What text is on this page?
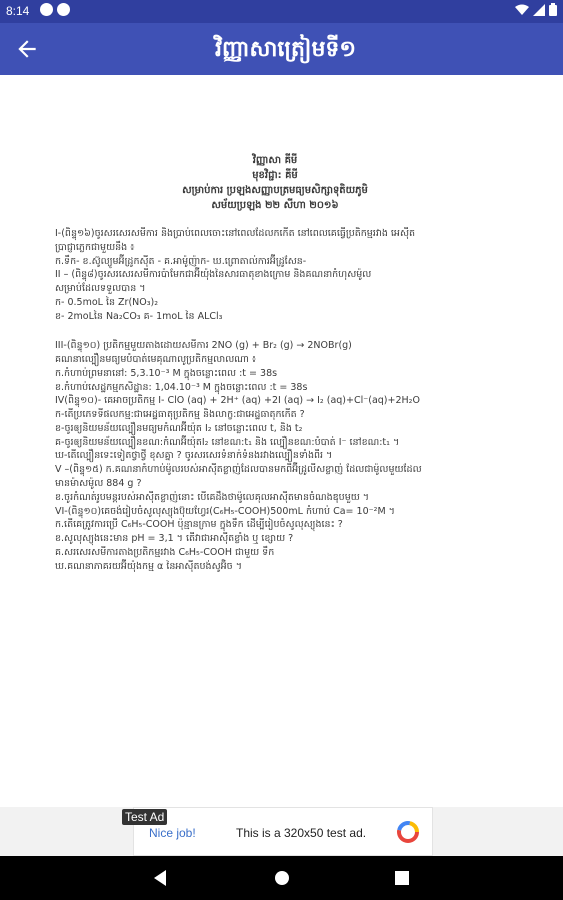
8:14
វិញ្ញាសាត្រៀមទី១
វិញ្ញាសា គីមី
មុខវិជ្ជា: គីមី
សម្រាប់ការ ប្រឡងសញ្ញាបត្រមធ្យមសិក្សាទុតិយភូមិ
សម័យប្រឡង ២២ សីហា ២០១៦

I-(ពិន្ទុ១៦)ចូរសរសេរសមីការ និងប្រាប់ពេលចោះនៅពេលដែលកកើត នៅពេលគេធ្វើប្រតិកម្មរវាង អេស៊ីត

ប្រាជ្ញាភ្លេកជាមួយនឹង ៖

ក.ទឹក- ខ.ស៊ូល្យូមអ៊ីដ្រូកស៊ីត - គ.អាម៉ូញ៉ាក- ឃ.ព្រោតាល់ការអ៊ីដ្រូសែន-

II – (ពិន្ទុ៨)ចូរសរសេរសមីការប៉ាមែកជាអ៊ីយ៉ុងនៃសារធាតុខាងក្រោម និងគណនាកំហុសម៉ូល

សម្រាប់ដែលទទួលបាន ។

ក- 0.5moL នៃ Zr(NO₃)₂

ខ- 2moLនៃ Na₂CO₃ គ- 1moL នៃ ALCl₃

III-(ពិន្ទុ១០) ប្រតិកម្មមួយតាងដោយសមីការ 2NO (g) + Br₂ (g) → 2NOBr(g)

គណនាល្បឿនមធ្យមបំបាត់មេគុណាលូប្រតិកម្មលាលណា ៖

ក.កំហាប់ព្រមនានៅ: 5,3.10⁻³ M ក្នុងចន្លោះពេល :t = 38s

ខ.កំហាប់សេដ្ឋកម្មកសិដ្ឋាន: 1,04.10⁻³ M ក្នុងចន្លោះពេល :t = 38s

IV(ពិន្ទុ១០)- គេអាចប្រតិកម្ម I- ClO (aq) + 2H⁺ (aq) +2I (aq) → I₂ (aq)+Cl⁻(aq)+2H₂O

ក-តើប្រភេទទីផលកម្ម:ជាអេដ្ឋធាតុប្រតិកម្ម និងលាក្ខ:ជាអេដ្ឋធាតុកកើត ?

ខ-ចូរឲ្យនិយមន័យល្បឿនមធ្យមកំណអ៊ីយ៉ុត I₂ នៅចន្លោះពេល t, និង t₂

គ-ចូរឲ្យនិយមន័យល្បឿនខណ:កំណអ៊ីយ៉ុតI₂ នៅខណ:t₁ និង ល្បឿនខណ:បំបាត់ I⁻ នៅខណ:t₁ ។

ឃ-តើល្បឿនទេះទៀតថ្វាថ្វី ខុសគ្នា ? ចូរសរសេរទំនាក់ទំនងរវាងល្បឿនទាំងពីរ ។

V –(ពិន្ទុ១៥) ក.គណនាកំហាប់ម៉ូលរបស់អាស៊ីតខ្លាញ់ដែលបានមកពីអ៊ីដ្រូលីសខ្លាញ់ ដែលជាម៉ូលមួយដែល

មានម៉ាសម៉ូល 884 g ?

ខ.ចូរកំណត់រូបមន្តរបស់អាស៊ីតខ្លាញ់នោះ បើគេដឹងថាម៉ូលេគុលអាសុីតមានចំណងឌុបមួយ ។

VI-(ពិន្ទុ១០)គេចង់រៀបចំសូលុស្យុងប៊ុយហ្វែរ(C₆H₅-COOH)500mL កំហាប់ Ca= 10⁻²M ។

ក.តើគេត្រូវការប្រើ C₆H₅-COOH ប៉ុន្មានក្រាម ក្នុងទឹក ដើម្បីរៀបចំសូលុស្យុងនេះ ?

ខ.សូលុស្យុងនេះមាន pH = 3,1 ។ តើវាជាអាស៊ីតខ្លាំង ឬ ខ្សោយ ?

គ.សរសេរសមីការតាងប្រតិកម្មរវាង C₆H₅-COOH ជាមួយ ទឹក

ឃ.គណនាភាគរយអ៊ីយ៉ុងកម្ម α នៃអាស៊ីតបង់សូអ៊ិច ។

Nice job!	This is a 320x50 test ad.
Test Ad
